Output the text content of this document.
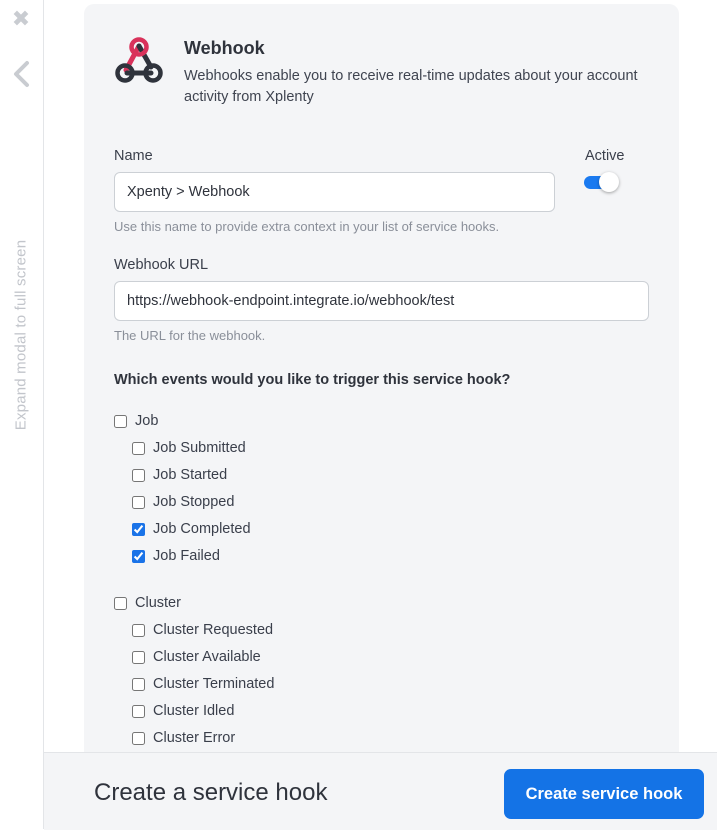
✖
Expand modal to full screen
Webhook
Webhooks enable you to receive real-time updates about your account activity from Xplenty
Name
Xpenty > Webhook
Use this name to provide extra context in your list of service hooks.
Active
Webhook URL
https://webhook-endpoint.integrate.io/webhook/test
The URL for the webhook.
Which events would you like to trigger this service hook?
Job
Job Submitted
Job Started
Job Stopped
Job Completed
Job Failed
Cluster
Cluster Requested
Cluster Available
Cluster Terminated
Cluster Idled
Cluster Error
Create a service hook	Create service hook
